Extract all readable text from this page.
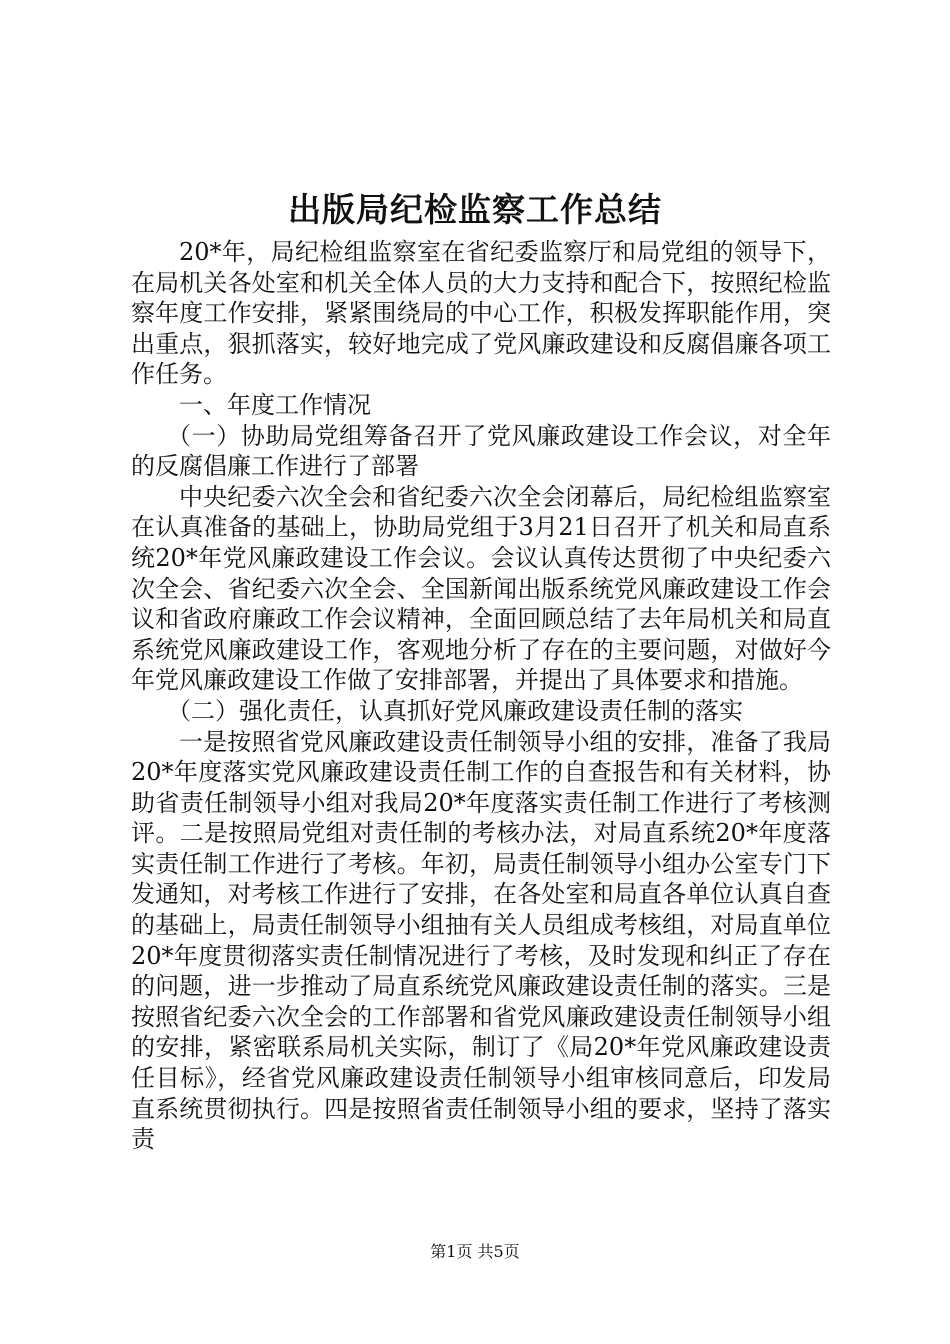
出版局纪检监察工作总结

20*年，局纪检组监察室在省纪委监察厅和局党组的领导下，在局机关各处室和机关全体人员的大力支持和配合下，按照纪检监察年度工作安排，紧紧围绕局的中心工作，积极发挥职能作用，突出重点，狠抓落实，较好地完成了党风廉政建设和反腐倡廉各项工作任务。

一、年度工作情况

（一）协助局党组筹备召开了党风廉政建设工作会议，对全年的反腐倡廉工作进行了部署

中央纪委六次全会和省纪委六次全会闭幕后，局纪检组监察室在认真准备的基础上，协助局党组于3月21日召开了机关和局直系统20*年党风廉政建设工作会议。会议认真传达贯彻了中央纪委六次全会、省纪委六次全会、全国新闻出版系统党风廉政建设工作会议和省政府廉政工作会议精神，全面回顾总结了去年局机关和局直系统党风廉政建设工作，客观地分析了存在的主要问题，对做好今年党风廉政建设工作做了安排部署，并提出了具体要求和措施。

（二）强化责任，认真抓好党风廉政建设责任制的落实

一是按照省党风廉政建设责任制领导小组的安排，准备了我局20*年度落实党风廉政建设责任制工作的自查报告和有关材料，协助省责任制领导小组对我局20*年度落实责任制工作进行了考核测评。二是按照局党组对责任制的考核办法，对局直系统20*年度落实责任制工作进行了考核。年初，局责任制领导小组办公室专门下发通知，对考核工作进行了安排，在各处室和局直各单位认真自查的基础上，局责任制领导小组抽有关人员组成考核组，对局直单位20*年度贯彻落实责任制情况进行了考核，及时发现和纠正了存在的问题，进一步推动了局直系统党风廉政建设责任制的落实。三是按照省纪委六次全会的工作部署和省党风廉政建设责任制领导小组的安排，紧密联系局机关实际，制订了《局20*年党风廉政建设责任目标》，经省党风廉政建设责任制领导小组审核同意后，印发局直系统贯彻执行。四是按照省责任制领导小组的要求，坚持了落实责

第1页 共5页
